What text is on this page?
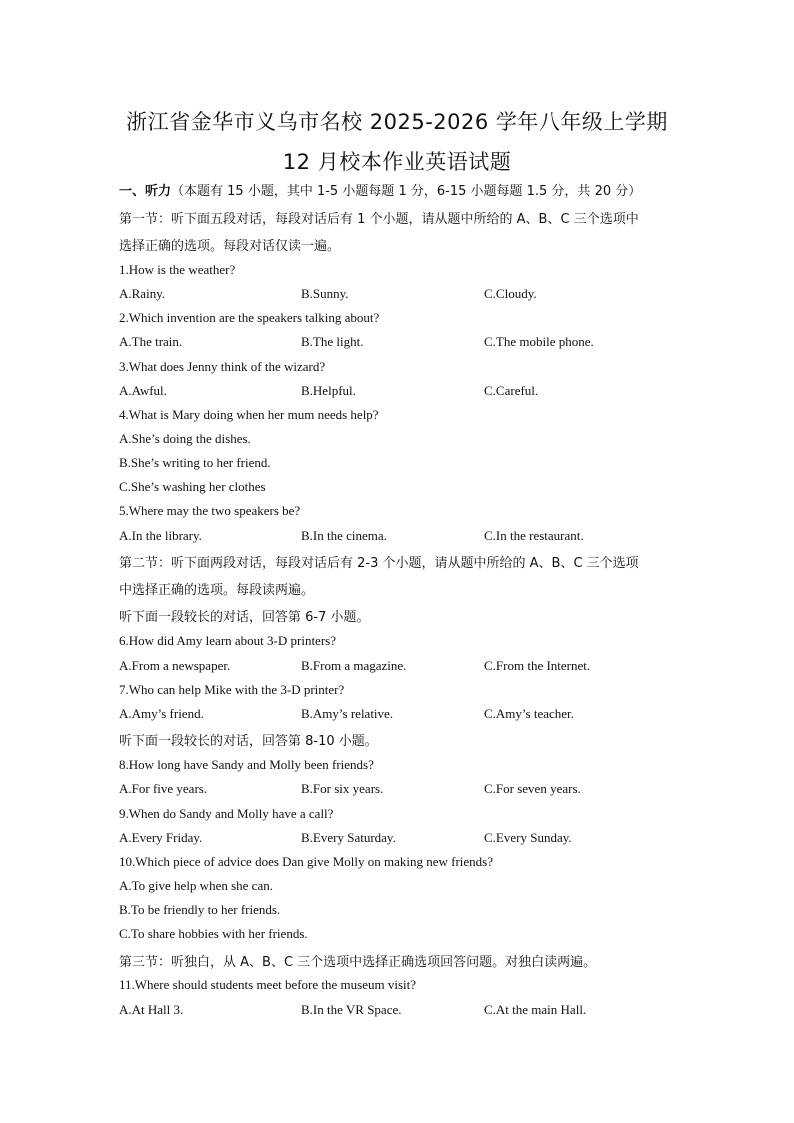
浙江省金华市义乌市名校 2025-2026 学年八年级上学期
12 月校本作业英语试题
一、听力（本题有 15 小题，其中 1-5 小题每题 1 分，6-15 小题每题 1.5 分，共 20 分）
第一节：听下面五段对话，每段对话后有 1 个小题，请从题中所给的 A、B、C 三个选项中
选择正确的选项。每段对话仅读一遍。
1.How is the weather?
A.Rainy.	B.Sunny.	C.Cloudy.
2.Which invention are the speakers talking about?
A.The train.	B.The light.	C.The mobile phone.
3.What does Jenny think of the wizard?
A.Awful.	B.Helpful.	C.Careful.
4.What is Mary doing when her mum needs help?
A.She’s doing the dishes.
B.She’s writing to her friend.
C.She’s washing her clothes
5.Where may the two speakers be?
A.In the library.	B.In the cinema.	C.In the restaurant.
第二节：听下面两段对话，每段对话后有 2-3 个小题，请从题中所给的 A、B、C 三个选项
中选择正确的选项。每段读两遍。
听下面一段较长的对话，回答第 6-7 小题。
6.How did Amy learn about 3-D printers?
A.From a newspaper.	B.From a magazine.	C.From the Internet.
7.Who can help Mike with the 3-D printer?
A.Amy’s friend.	B.Amy’s relative.	C.Amy’s teacher.
听下面一段较长的对话，回答第 8-10 小题。
8.How long have Sandy and Molly been friends?
A.For five years.	B.For six years.	C.For seven years.
9.When do Sandy and Molly have a call?
A.Every Friday.	B.Every Saturday.	C.Every Sunday.
10.Which piece of advice does Dan give Molly on making new friends?
A.To give help when she can.
B.To be friendly to her friends.
C.To share hobbies with her friends.
第三节：听独白，从 A、B、C 三个选项中选择正确选项回答问题。对独白读两遍。
11.Where should students meet before the museum visit?
A.At Hall 3.	B.In the VR Space.	C.At the main Hall.
